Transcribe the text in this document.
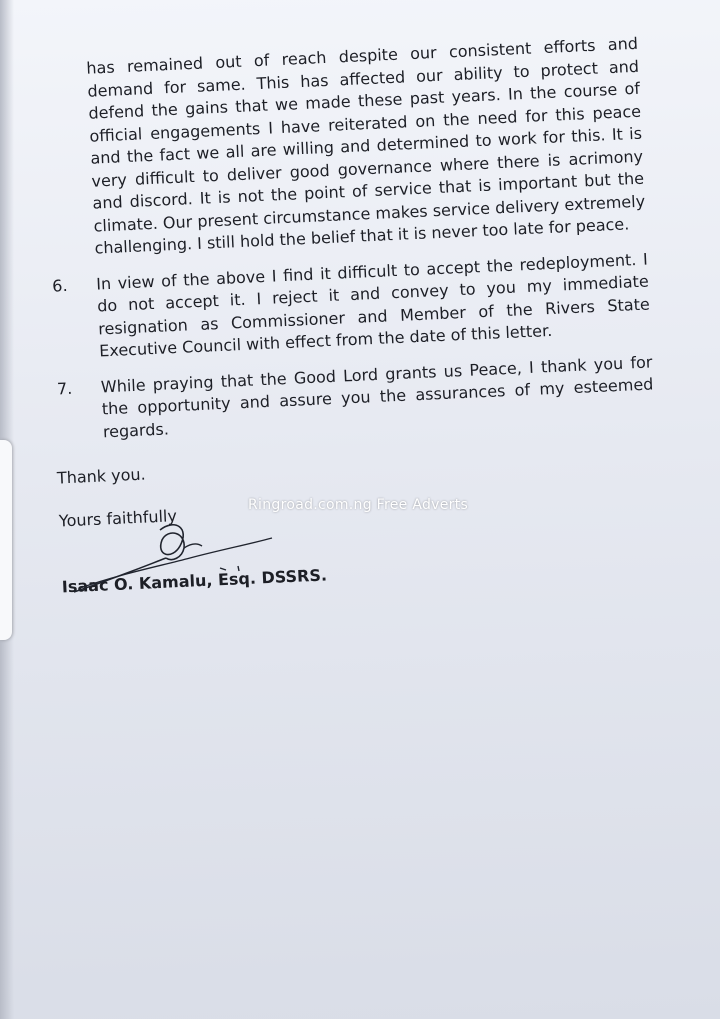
has remained out of reach despite our consistent efforts and demand for same. This has affected our ability to protect and defend the gains that we made these past years. In the course of official engagements I have reiterated on the need for this peace and the fact we all are willing and determined to work for this. It is very difficult to deliver good governance where there is acrimony and discord. It is not the point of service that is important but the climate. Our present circumstance makes service delivery extremely challenging. I still hold the belief that it is never too late for peace.
6. In view of the above I find it difficult to accept the redeployment. I do not accept it. I reject it and convey to you my immediate resignation as Commissioner and Member of the Rivers State Executive Council with effect from the date of this letter.
7. While praying that the Good Lord grants us Peace, I thank you for the opportunity and assure you the assurances of my esteemed regards.
Thank you.
Yours faithfully
Isaac O. Kamalu, Esq. DSSRS.
Ringroad.com.ng Free Adverts
